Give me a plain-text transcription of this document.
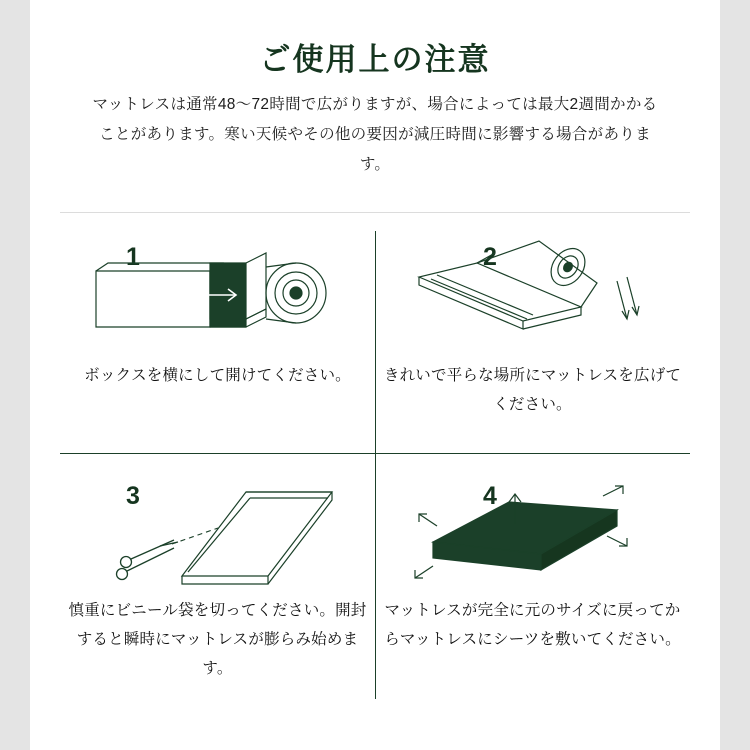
ご使用上の注意
マットレスは通常48〜72時間で広がりますが、場合によっては最大2週間かかることがあります。寒い天候やその他の要因が減圧時間に影響する場合があります。
1
ボックスを横にして開けてください。
2
きれいで平らな場所にマットレスを広げてください。
3
慎重にビニール袋を切ってください。開封すると瞬時にマットレスが膨らみ始めます。
4
マットレスが完全に元のサイズに戻ってからマットレスにシーツを敷いてください。
